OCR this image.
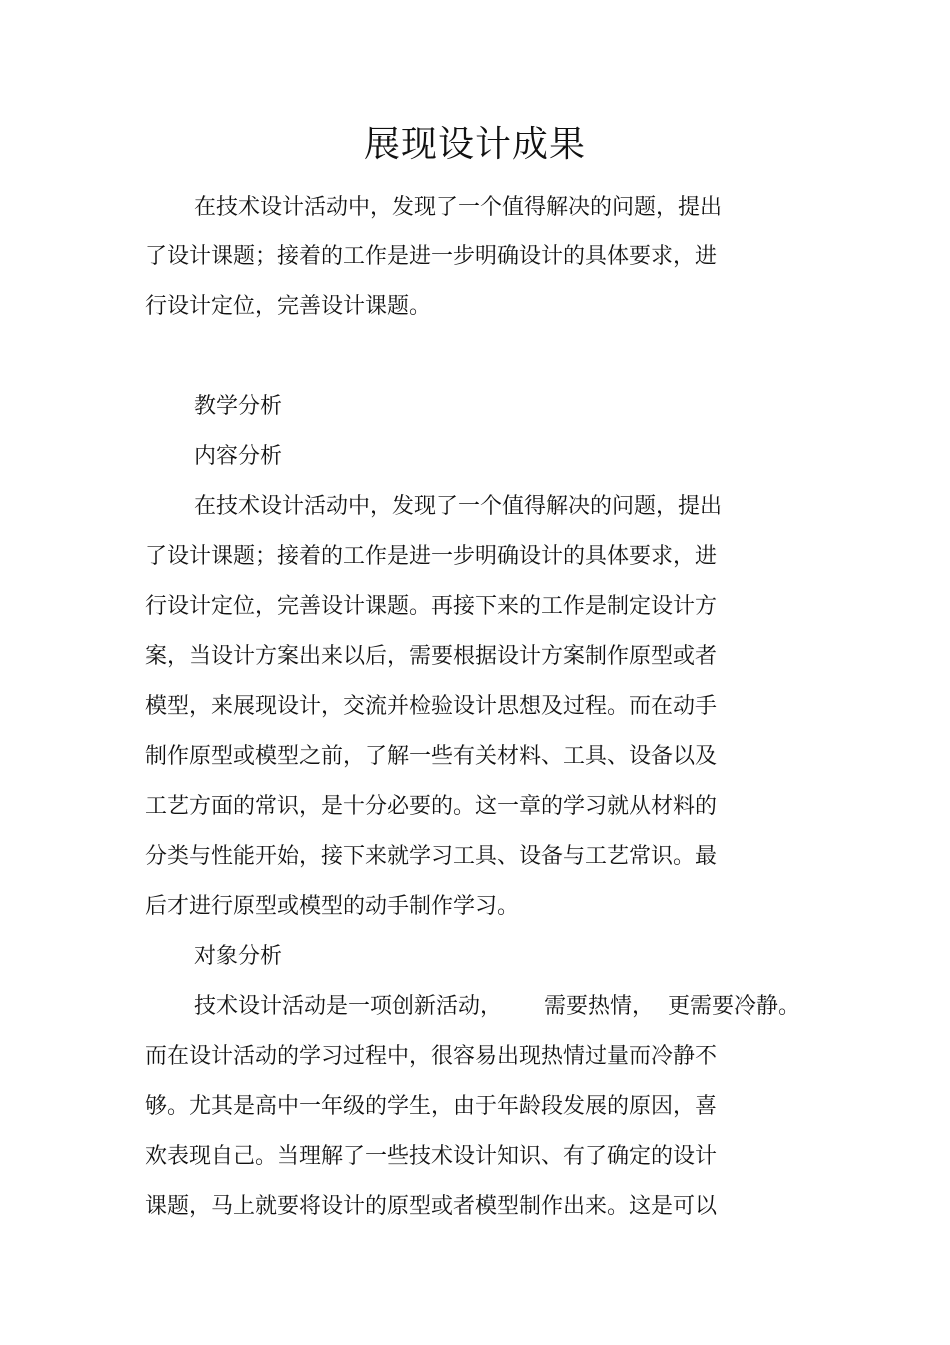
展现设计成果

在技术设计活动中，发现了一个值得解决的问题，提出

了设计课题；接着的工作是进一步明确设计的具体要求，进

行设计定位，完善设计课题。

教学分析

内容分析

在技术设计活动中，发现了一个值得解决的问题，提出

了设计课题；接着的工作是进一步明确设计的具体要求，进

行设计定位，完善设计课题。再接下来的工作是制定设计方

案，当设计方案出来以后，需要根据设计方案制作原型或者

模型，来展现设计，交流并检验设计思想及过程。而在动手

制作原型或模型之前，了解一些有关材料、工具、设备以及

工艺方面的常识，是十分必要的。这一章的学习就从材料的

分类与性能开始，接下来就学习工具、设备与工艺常识。最

后才进行原型或模型的动手制作学习。

对象分析

技术设计活动是一项创新活动，      需要热情，  更需要冷静。

而在设计活动的学习过程中，很容易出现热情过量而冷静不

够。尤其是高中一年级的学生，由于年龄段发展的原因，喜

欢表现自己。当理解了一些技术设计知识、有了确定的设计

课题，马上就要将设计的原型或者模型制作出来。这是可以
